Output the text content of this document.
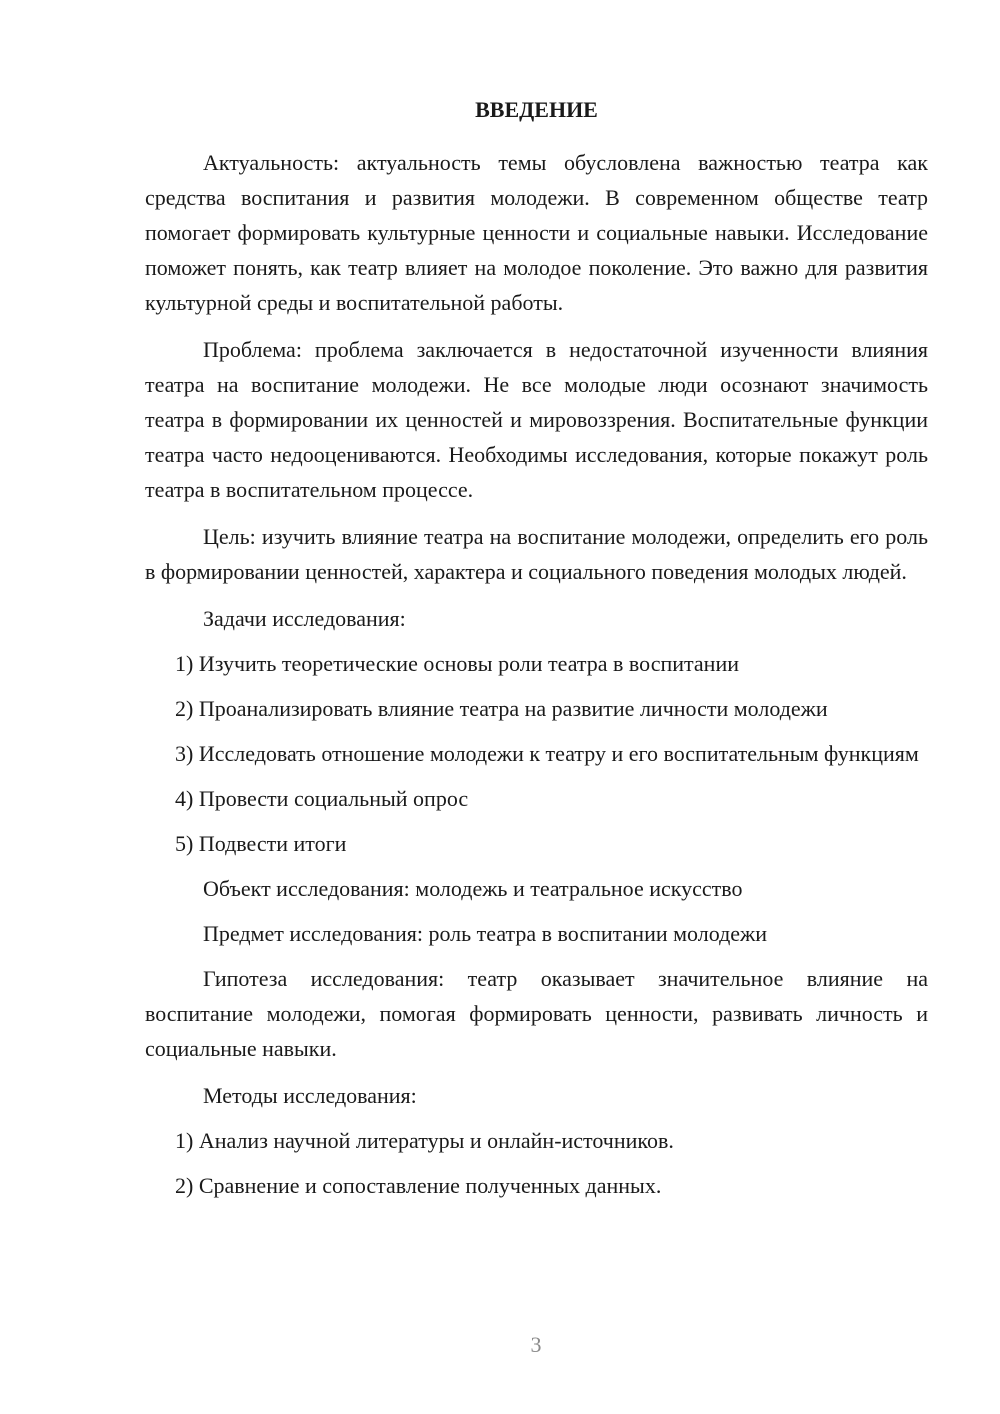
ВВЕДЕНИЕ

Актуальность: актуальность темы обусловлена важностью театра как средства воспитания и развития молодежи. В современном обществе театр помогает формировать культурные ценности и социальные навыки. Исследование поможет понять, как театр влияет на молодое поколение. Это важно для развития культурной среды и воспитательной работы.

Проблема: проблема заключается в недостаточной изученности влияния театра на воспитание молодежи. Не все молодые люди осознают значимость театра в формировании их ценностей и мировоззрения. Воспитательные функции театра часто недооцениваются. Необходимы исследования, которые покажут роль театра в воспитательном процессе.

Цель: изучить влияние театра на воспитание молодежи, определить его роль в формировании ценностей, характера и социального поведения молодых людей.

Задачи исследования:

1) Изучить теоретические основы роли театра в воспитании

2) Проанализировать влияние театра на развитие личности молодежи

3) Исследовать отношение молодежи к театру и его воспитательным функциям

4) Провести социальный опрос

5) Подвести итоги

Объект исследования: молодежь и театральное искусство

Предмет исследования: роль театра в воспитании молодежи

Гипотеза исследования: театр оказывает значительное влияние на воспитание молодежи, помогая формировать ценности, развивать личность и социальные навыки.

Методы исследования:

1) Анализ научной литературы и онлайн-источников.

2) Сравнение и сопоставление полученных данных.

3
